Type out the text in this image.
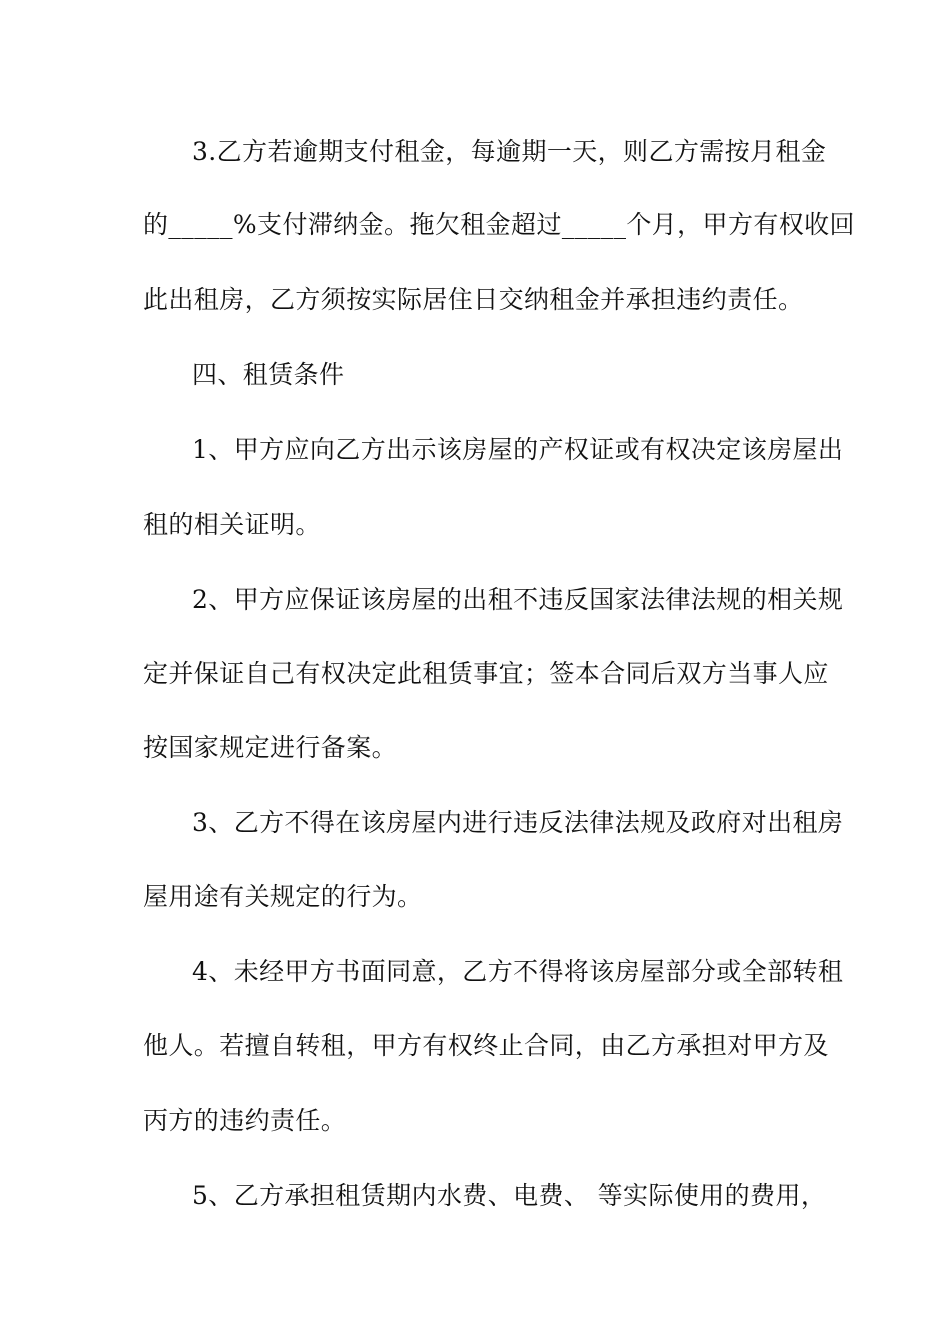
3.乙方若逾期支付租金，每逾期一天，则乙方需按月租金
的_____%支付滞纳金。拖欠租金超过_____个月，甲方有权收回
此出租房，乙方须按实际居住日交纳租金并承担违约责任。
四、租赁条件
1、甲方应向乙方出示该房屋的产权证或有权决定该房屋出
租的相关证明。
2、甲方应保证该房屋的出租不违反国家法律法规的相关规
定并保证自己有权决定此租赁事宜；签本合同后双方当事人应
按国家规定进行备案。
3、乙方不得在该房屋内进行违反法律法规及政府对出租房
屋用途有关规定的行为。
4、未经甲方书面同意，乙方不得将该房屋部分或全部转租
他人。若擅自转租，甲方有权终止合同，由乙方承担对甲方及
丙方的违约责任。
5、乙方承担租赁期内水费、电费、 等实际使用的费用，
